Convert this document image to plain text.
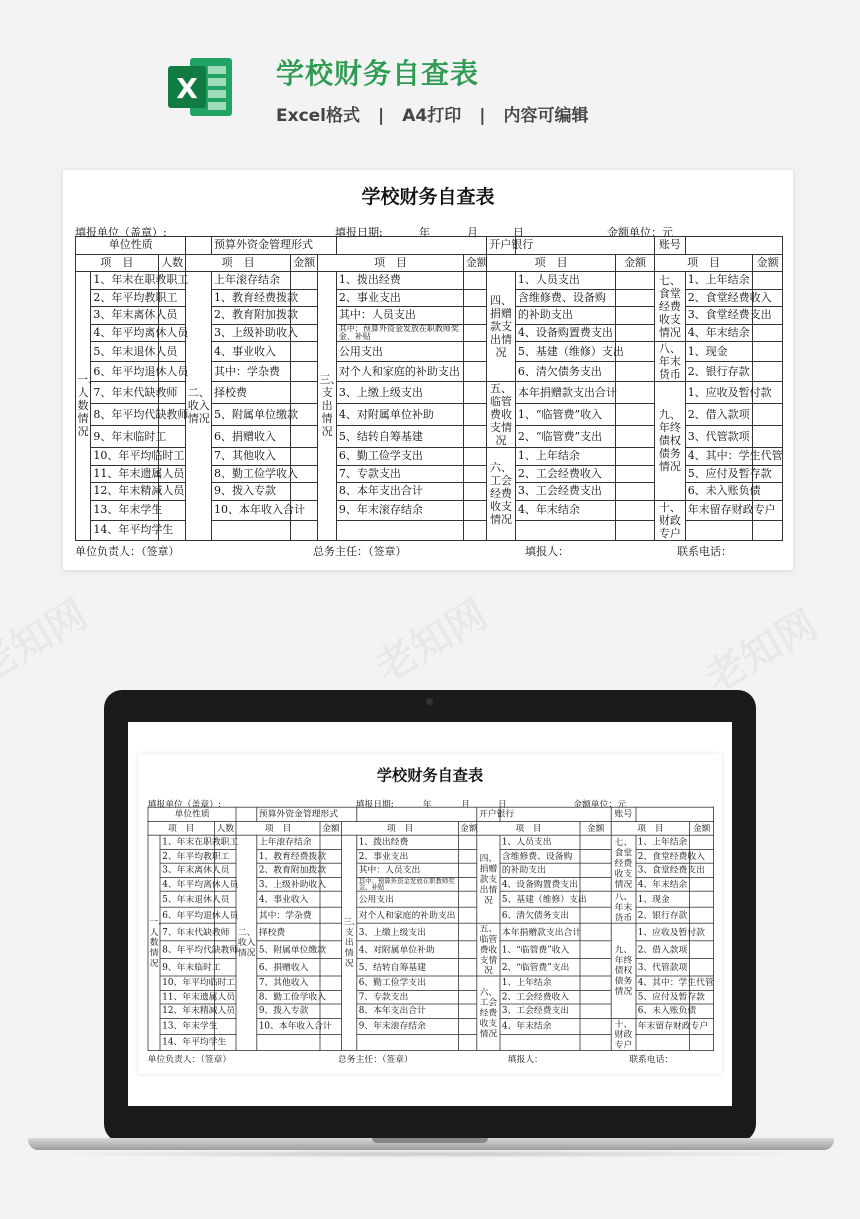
X	学校财务自查表
Excel格式 | A4打印 | 内容可编辑
学校财务自查表
填报单位（盖章）:	填报日期:	年	月	日	金额单位：元
单位性质				预算外资金管理形式					开户银行			账号		
项　目		人数	项　目		金额	项　目		金额	项　目		金额	项　目		金额
一、人数情况	1、年末在职教职工		二、收入情况	上年滚存结余		三、支出情况	1、拨出经费		四、捐赠款支出情况	1、人员支出		七、食堂经费收支情况	1、上年结余	
	2、年平均教职工			1、教育经费拨款			2、事业支出			含维修费、设备购			2、食堂经费收入	
	3、年末离休人员			2、教育附加拨款			其中：人员支出			的补助支出			3、食堂经费支出	
	4、年平均离休人员			3、上级补助收入			其中：预算外资金发放在职教师奖金、补贴			4、设备购置费支出			4、年末结余	
	5、年末退休人员			4、事业收入			公用支出			5、基建（维修）支出		八、年末货币	1、现金	
	6、年平均退休人员			其中：学杂费			对个人和家庭的补助支出			6、清欠债务支出			2、银行存款	
	7、年末代缺教师			择校费			3、上缴上级支出		五、临管费收支情况	本年捐赠款支出合计		九、年终债权债务情况	1、应收及暂付款	
	8、年平均代缺教师			5、附属单位缴款			4、对附属单位补助			1、“临管费”收入			2、借入款项	
	9、年末临时工			6、捐赠收入			5、结转自筹基建			2、“临管费”支出			3、代管款项	
	10、年平均临时工			7、其他收入			6、勤工俭学支出		六、工会经费收支情况	1、上年结余			4、其中：学生代管	
	11、年末遗属人员			8、勤工俭学收入			7、专款支出			2、工会经费收入			5、应付及暂存款	
	12、年末精减人员			9、拨入专款			8、本年支出合计			3、工会经费支出			6、未入账负债	
	13、年末学生			10、本年收入合计			9、年末滚存结余			4、年末结余		十、财政专户	年末留存财政专户	
	14、年平均学生													
单位负责人：（签章）	总务主任：（签章）	填报人：	联系电话：
学校财务自查表
填报单位（盖章）:	填报日期:	年	月	日	金额单位：元
单位性质				预算外资金管理形式					开户银行			账号		
项　目		人数	项　目		金额	项　目		金额	项　目		金额	项　目		金额
一、人数情况	1、年末在职教职工		二、收入情况	上年滚存结余		三、支出情况	1、拨出经费		四、捐赠款支出情况	1、人员支出		七、食堂经费收支情况	1、上年结余	
	2、年平均教职工			1、教育经费拨款			2、事业支出			含维修费、设备购			2、食堂经费收入	
	3、年末离休人员			2、教育附加拨款			其中：人员支出			的补助支出			3、食堂经费支出	
	4、年平均离休人员			3、上级补助收入			其中：预算外资金发放在职教师奖金、补贴			4、设备购置费支出			4、年末结余	
	5、年末退休人员			4、事业收入			公用支出			5、基建（维修）支出		八、年末货币	1、现金	
	6、年平均退休人员			其中：学杂费			对个人和家庭的补助支出			6、清欠债务支出			2、银行存款	
	7、年末代缺教师			择校费			3、上缴上级支出		五、临管费收支情况	本年捐赠款支出合计		九、年终债权债务情况	1、应收及暂付款	
	8、年平均代缺教师			5、附属单位缴款			4、对附属单位补助			1、“临管费”收入			2、借入款项	
	9、年末临时工			6、捐赠收入			5、结转自筹基建			2、“临管费”支出			3、代管款项	
	10、年平均临时工			7、其他收入			6、勤工俭学支出		六、工会经费收支情况	1、上年结余			4、其中：学生代管	
	11、年末遗属人员			8、勤工俭学收入			7、专款支出			2、工会经费收入			5、应付及暂存款	
	12、年末精减人员			9、拨入专款			8、本年支出合计			3、工会经费支出			6、未入账负债	
	13、年末学生			10、本年收入合计			9、年末滚存结余			4、年末结余		十、财政专户	年末留存财政专户	
	14、年平均学生													
单位负责人：（签章）	总务主任：（签章）	填报人：	联系电话：
